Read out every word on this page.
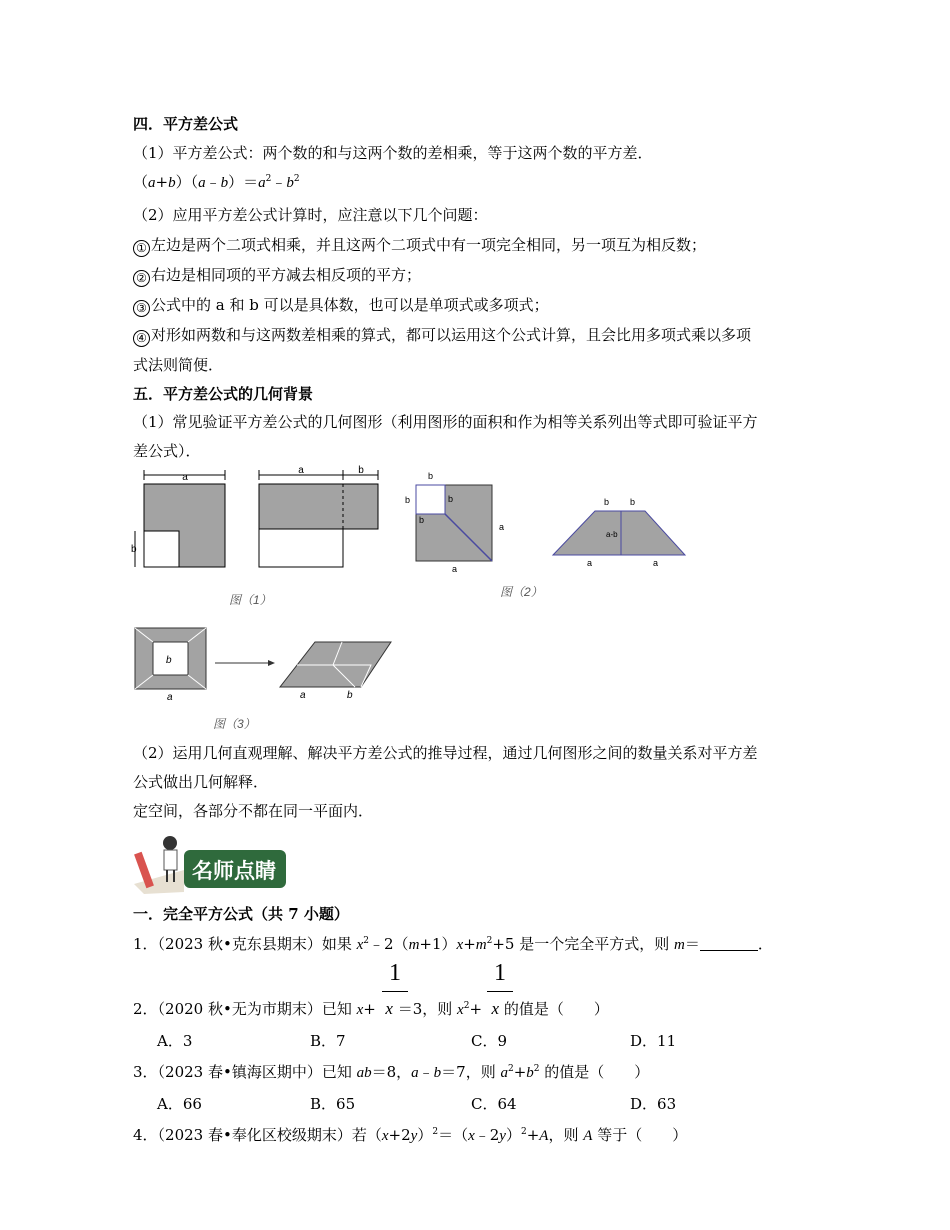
四．平方差公式
（1）平方差公式：两个数的和与这两个数的差相乘，等于这两个数的平方差．
$(a+b)(a﹣b)=a^2﹣b^2$
（2）应用平方差公式计算时，应注意以下几个问题：
① 左边是两个二项式相乘，并且这两个二项式中有一项完全相同，另一项互为相反数；
② 右边是相同项的平方减去相反项的平方；
③ 公式中的 a 和 b 可以是具体数，也可以是单项式或多项式；
④ 对形如两数和与这两数差相乘的算式，都可以运用这个公式计算，且会比用多项式乘以多项
式法则简便．
五．平方差公式的几何背景
（1）常见验证平方差公式的几何图形（利用图形的面积和作为相等关系列出等式即可验证平方
差公式）．
a
b
a	b
图（1）
b
b	b
b
a
a
b b
a-b
a	a
图（2）
b
a	a	b
图（3）
（2）运用几何直观理解、解决平方差公式的推导过程，通过几何图形之间的数量关系对平方差
公式做出几何解释．
定空间，各部分不都在同一平面内．
名师点睛
一．完全平方公式（共 7 小题）
1．（2023 秋•克东县期末）如果 $x^2﹣2(m+1)x+m^2+5$ 是一个完全平方式，则 m＝	．
1	1
2．（2020 秋•无为市期末）已知 x+  x ＝3，则 $x^2+ x$ 的值是（　　）
A．3	B．7	C．9	D．11
3．（2023 春•镇海区期中）已知 ab＝8，a﹣b＝7，则 $a^2+b^2$ 的值是（　　）
A．66	B．65	C．64	D．63
4．（2023 春•奉化区校级期末）若$(x+2y)^2=(x﹣2y)^2+A$，则 A 等于（　　）
